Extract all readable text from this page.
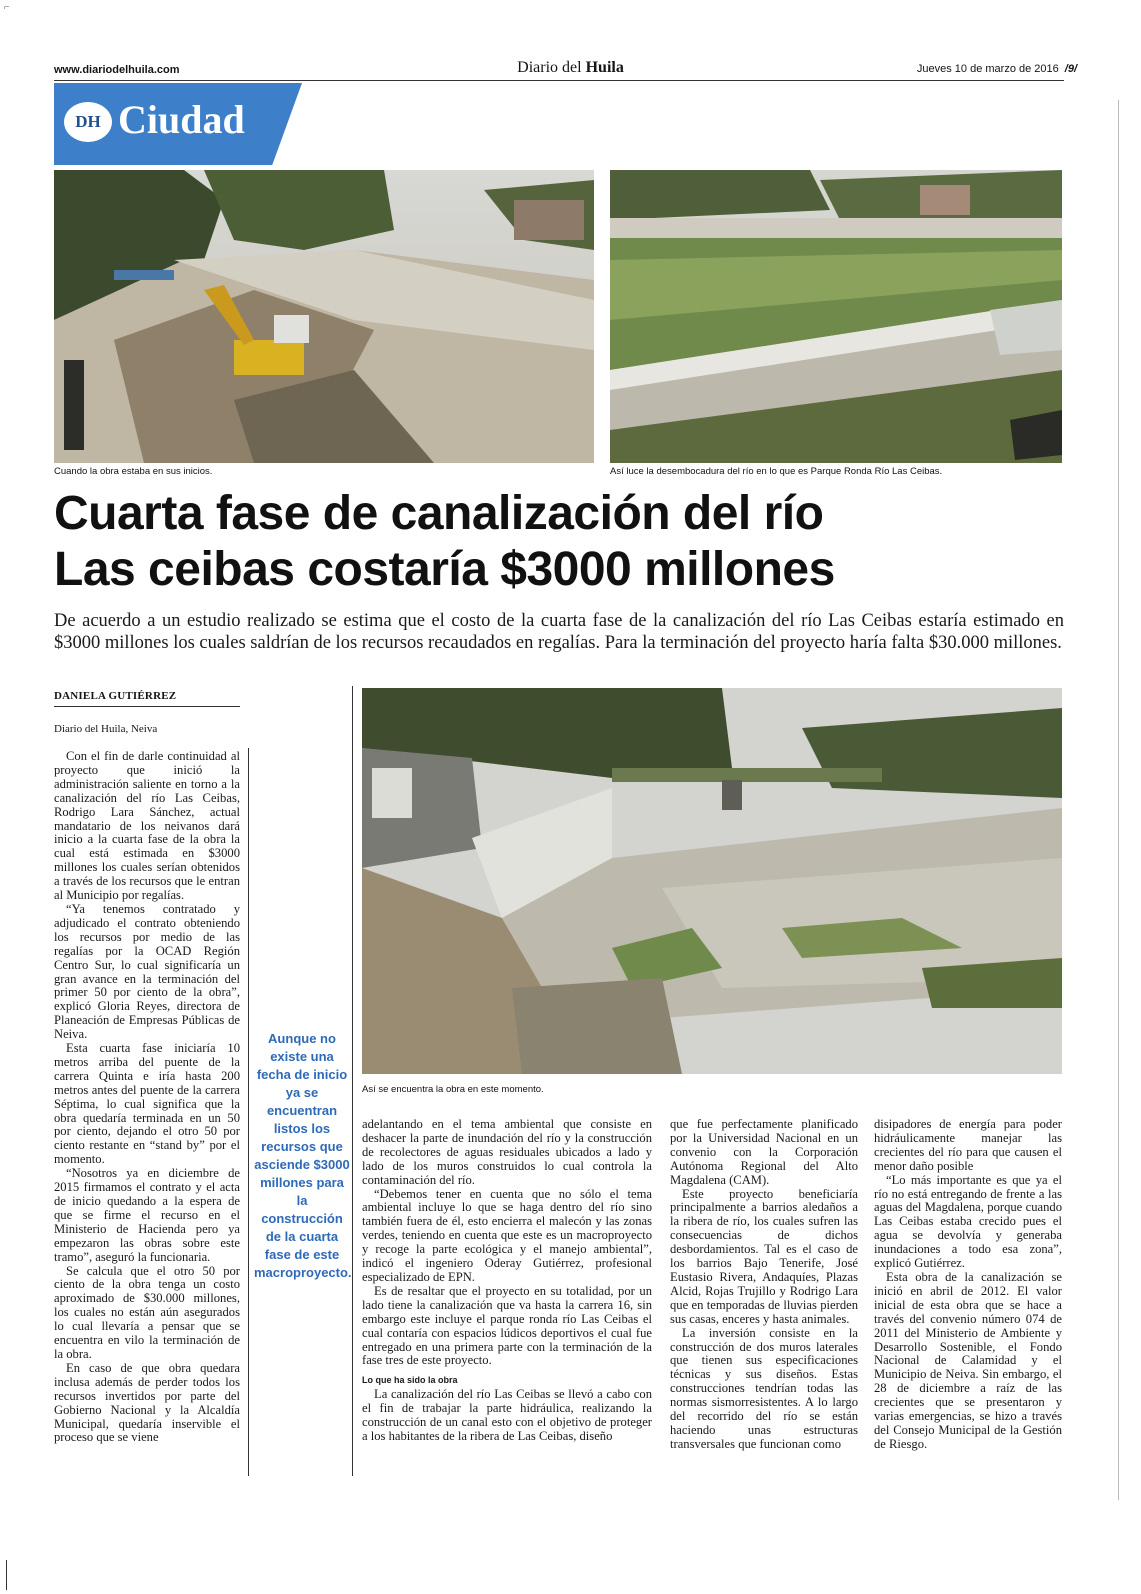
⌐
www.diariodelhuila.com	Diario del Huila	Jueves 10 de marzo de 2016 /9/
DH Ciudad
Cuando la obra estaba en sus inicios.	Así luce la desembocadura del río en lo que es Parque Ronda Río Las Ceibas.
Cuarta fase de canalización del río
Las ceibas costaría $3000 millones
De acuerdo a un estudio realizado se estima que el costo de la cuarta fase de la canalización del río Las Ceibas estaría estimado en $3000 millones los cuales saldrían de los recursos recaudados en regalías. Para la terminación del proyecto haría falta $30.000 millones.
DANIELA GUTIÉRREZ
Diario del Huila, Neiva

Con el fin de darle continuidad al proyecto que inició la administración saliente en torno a la canalización del río Las Ceibas, Rodrigo Lara Sánchez, actual mandatario de los neivanos dará inicio a la cuarta fase de la obra la cual está estimada en $3000 millones los cuales serían obtenidos a través de los recursos que le entran al Municipio por regalías.

“Ya tenemos contratado y adjudicado el contrato obteniendo los recursos por medio de las regalías por la OCAD Región Centro Sur, lo cual significaría un gran avance en la terminación del primer 50 por ciento de la obra”, explicó Gloria Reyes, directora de Planeación de Empresas Públicas de Neiva.

Esta cuarta fase iniciaría 10 metros arriba del puente de la carrera Quinta e iría hasta 200 metros antes del puente de la carrera Séptima, lo cual significa que la obra quedaría terminada en un 50 por ciento, dejando el otro 50 por ciento restante en “stand by” por el momento.

“Nosotros ya en diciembre de 2015 firmamos el contrato y el acta de inicio quedando a la espera de que se firme el recurso en el Ministerio de Hacienda pero ya empezaron las obras sobre este tramo”, aseguró la funcionaria.

Se calcula que el otro 50 por ciento de la obra tenga un costo aproximado de $30.000 millones, los cuales no están aún asegurados lo cual llevaría a pensar que se encuentra en vilo la terminación de la obra.

En caso de que obra quedara inclusa además de perder todos los recursos invertidos por parte del Gobierno Nacional y la Alcaldía Municipal, quedaría inservible el proceso que se viene

Aunque no existe una fecha de inicio ya se encuentran listos los recursos que asciende $3000 millones para la construcción de la cuarta fase de este macroproyecto.
Así se encuentra la obra en este momento.

adelantando en el tema ambiental que consiste en deshacer la parte de inundación del río y la construcción de recolectores de aguas residuales ubicados a lado y lado de los muros construidos lo cual controla la contaminación del río.

“Debemos tener en cuenta que no sólo el tema ambiental incluye lo que se haga dentro del río sino también fuera de él, esto encierra el malecón y las zonas verdes, teniendo en cuenta que este es un macroproyecto y recoge la parte ecológica y el manejo ambiental”, indicó el ingeniero Oderay Gutiérrez, profesional especializado de EPN.

Es de resaltar que el proyecto en su totalidad, por un lado tiene la canalización que va hasta la carrera 16, sin embargo este incluye el parque ronda río Las Ceibas el cual contaría con espacios lúdicos deportivos el cual fue entregado en una primera parte con la terminación de la fase tres de este proyecto.

Lo que ha sido la obra

La canalización del río Las Ceibas se llevó a cabo con el fin de trabajar la parte hidráulica, realizando la construcción de un canal esto con el objetivo de proteger a los habitantes de la ribera de Las Ceibas, diseño

que fue perfectamente planificado por la Universidad Nacional en un convenio con la Corporación Autónoma Regional del Alto Magdalena (CAM).

Este proyecto beneficiaría principalmente a barrios aledaños a la ribera de río, los cuales sufren las consecuencias de dichos desbordamientos. Tal es el caso de los barrios Bajo Tenerife, José Eustasio Rivera, Andaquíes, Plazas Alcid, Rojas Trujillo y Rodrigo Lara que en temporadas de lluvias pierden sus casas, enceres y hasta animales.

La inversión consiste en la construcción de dos muros laterales que tienen sus especificaciones técnicas y sus diseños. Estas construcciones tendrían todas las normas sismorresistentes. A lo largo del recorrido del río se están haciendo unas estructuras transversales que funcionan como

disipadores de energía para poder hidráulicamente manejar las crecientes del río para que causen el menor daño posible

“Lo más importante es que ya el río no está entregando de frente a las aguas del Magdalena, porque cuando Las Ceibas estaba crecido pues el agua se devolvía y generaba inundaciones a todo esa zona”, explicó Gutiérrez.

Esta obra de la canalización se inició en abril de 2012. El valor inicial de esta obra que se hace a través del convenio número 074 de 2011 del Ministerio de Ambiente y Desarrollo Sostenible, el Fondo Nacional de Calamidad y el Municipio de Neiva. Sin embargo, el 28 de diciembre a raíz de las crecientes que se presentaron y varias emergencias, se hizo a través del Consejo Municipal de la Gestión de Riesgo.
